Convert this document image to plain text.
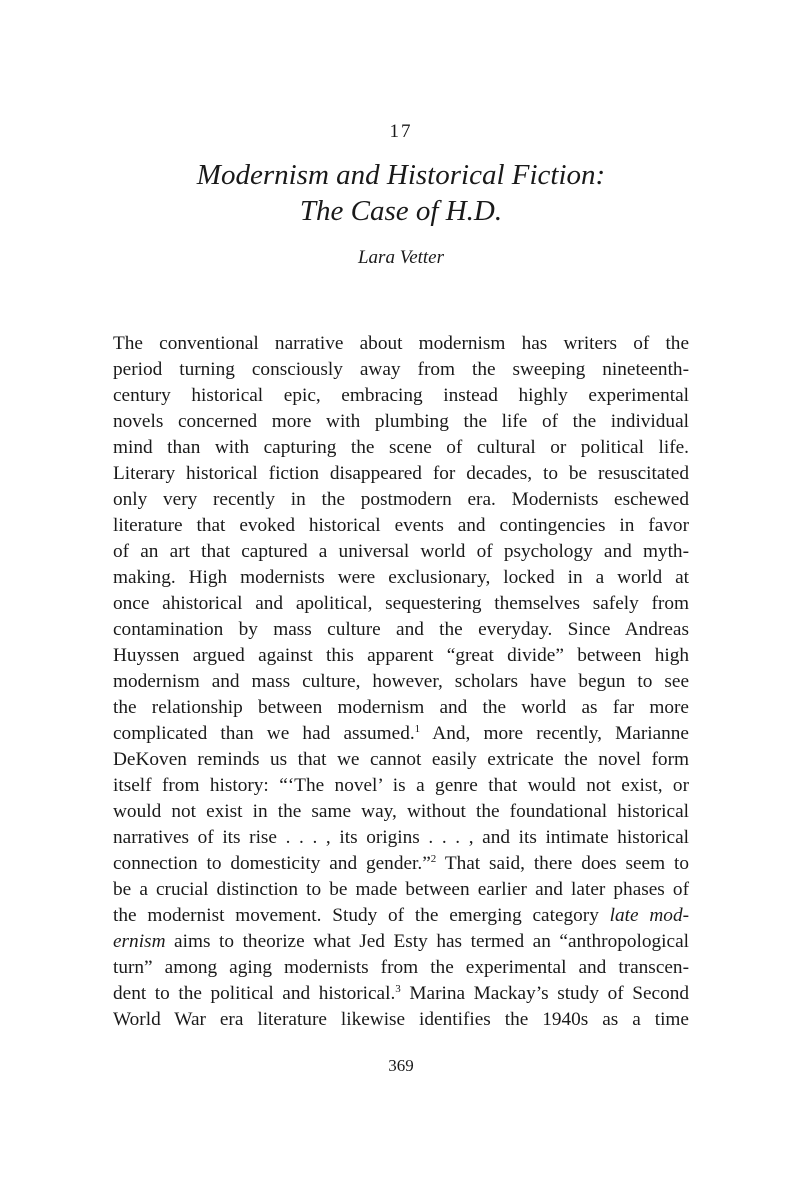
17
Modernism and Historical Fiction:
The Case of H.D.
Lara Vetter
The conventional narrative about modernism has writers of the
period turning consciously away from the sweeping nineteenth-
century historical epic, embracing instead highly experimental
novels concerned more with plumbing the life of the individual
mind than with capturing the scene of cultural or political life.
Literary historical fiction disappeared for decades, to be resuscitated
only very recently in the postmodern era. Modernists eschewed
literature that evoked historical events and contingencies in favor
of an art that captured a universal world of psychology and myth-
making. High modernists were exclusionary, locked in a world at
once ahistorical and apolitical, sequestering themselves safely from
contamination by mass culture and the everyday. Since Andreas
Huyssen argued against this apparent “great divide” between high
modernism and mass culture, however, scholars have begun to see
the relationship between modernism and the world as far more
complicated than we had assumed.$^1$ And, more recently, Marianne
DeKoven reminds us that we cannot easily extricate the novel form
itself from history: “‘The novel’ is a genre that would not exist, or
would not exist in the same way, without the foundational historical
narratives of its rise . . . , its origins . . . , and its intimate historical
connection to domesticity and gender.”$^2$ That said, there does seem to
be a crucial distinction to be made between earlier and later phases of
the modernist movement. Study of the emerging category late mod-
ernism aims to theorize what Jed Esty has termed an “anthropological
turn” among aging modernists from the experimental and transcen-
dent to the political and historical.$^3$ Marina Mackay’s study of Second
World War era literature likewise identifies the 1940s as a time
369
